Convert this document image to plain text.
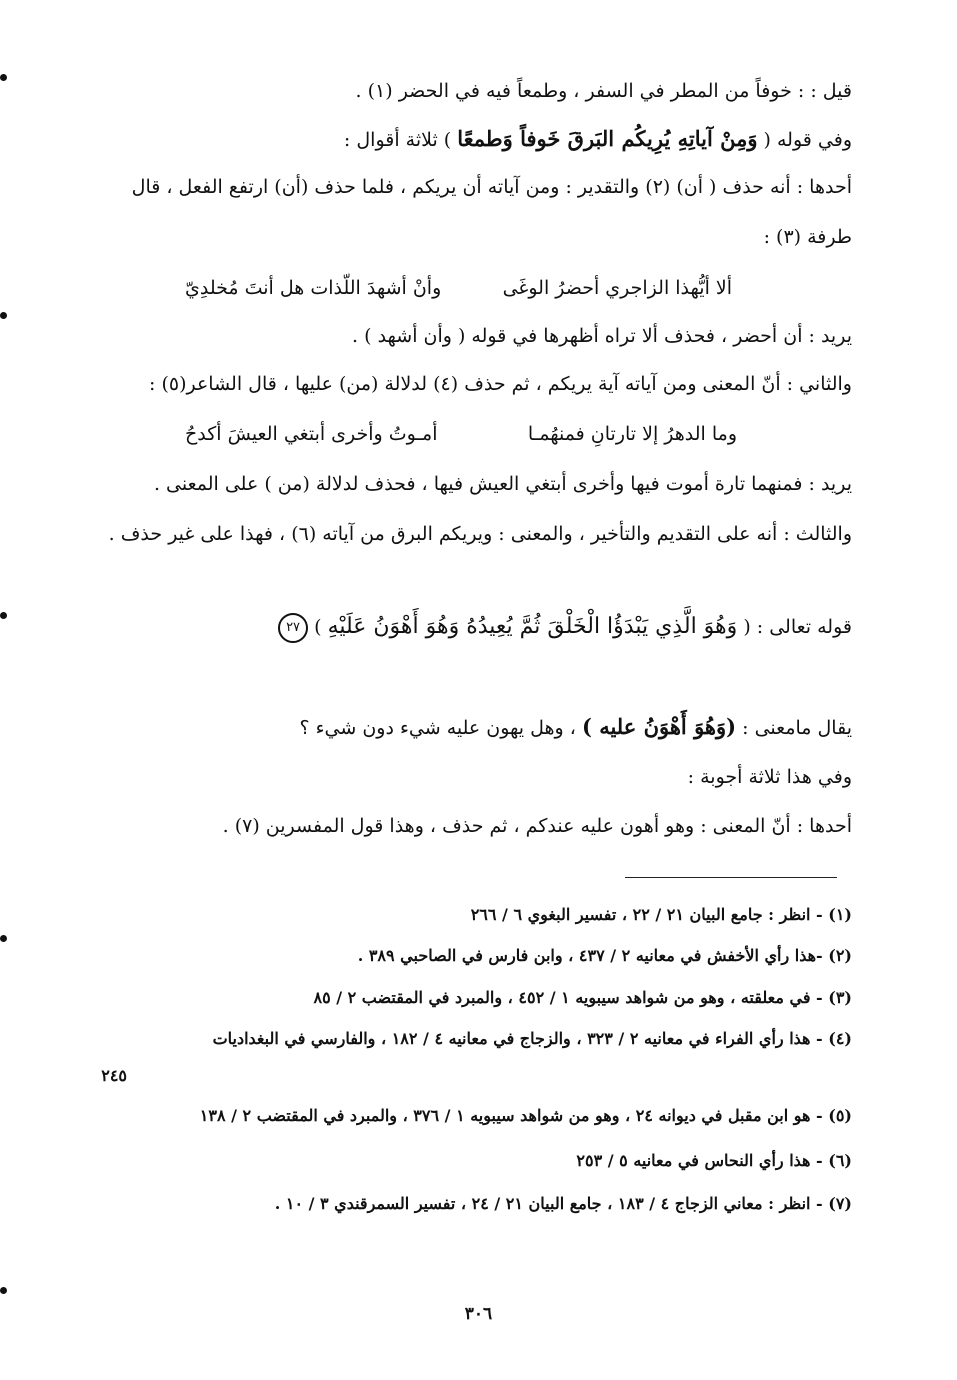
قيل : : خوفاً من المطر في السفر ، وطمعاً فيه في الحضر (١) .
وفي قوله ( وَمِنْ آياتِهِ يُرِيكُم البَرقَ خَوفاً وَطمعًا ) ثلاثة أقوال :
أحدها : أنه حذف ( أن) (٢) والتقدير : ومن آياته أن يريكم ، فلما حذف (أن) ارتفع الفعل ، قال
طرفة (٣) :
ألا أيُّهذا الزاجري أحضرُ الوغَى
وأنْ أشهدَ اللّذات هل أنتَ مُخلدِيّ
يريد : أن أحضر ، فحذف ألا تراه أظهرها في قوله ( وأن أشهد ) .
والثاني : أنّ المعنى ومن آياته آية يريكم ، ثم حذف (٤) لدلالة (من) عليها ، قال الشاعر(٥) :
وما الدهرُ إلا تارتانِ فمنهُمـا
أمـوتُ وأخرى أبتغي العيشَ أكدحُ
يريد : فمنهما تارة أموت فيها وأخرى أبتغي العيش فيها ، فحذف لدلالة (من ) على المعنى .
والثالث : أنه على التقديم والتأخير ، والمعنى : ويريكم البرق من آياته (٦) ، فهذا على غير حذف .
قوله تعالى : ( وَهُوَ الَّذِي يَبْدَؤُا الْخَلْقَ ثُمَّ يُعِيدُهُ وَهُوَ أَهْوَنُ عَلَيْهِ ) ٢٧
يقال مامعنى : (وَهُوَ أَهْوَنُ عليه ) ، وهل يهون عليه شيء دون شيء ؟
وفي هذا ثلاثة أجوبة :
أحدها : أنّ المعنى : وهو أهون عليه عندكم ، ثم حذف ، وهذا قول المفسرين (٧) .
(١) - انظر : جامع البيان ٢١ / ٢٢ ، تفسير البغوي ٦ / ٢٦٦
(٢) -هذا رأي الأخفش في معانيه ٢ / ٤٣٧ ، وابن فارس في الصاحبي ٣٨٩ .
(٣) - في معلقته ، وهو من شواهد سيبويه ١ / ٤٥٢ ، والمبرد في المقتضب ٢ / ٨٥
(٤) - هذا رأي الفراء في معانيه ٢ / ٣٢٣ ، والزجاج في معانيه ٤ / ١٨٢ ، والفارسي في البغداديات
٢٤٥
(٥) - هو ابن مقبل في ديوانه ٢٤ ، وهو من شواهد سيبويه ١ / ٣٧٦ ، والمبرد في المقتضب ٢ / ١٣٨
(٦) - هذا رأي النحاس في معانيه ٥ / ٢٥٣
(٧) - انظر : معاني الزجاج ٤ / ١٨٣ ، جامع البيان ٢١ / ٢٤ ، تفسير السمرقندي ٣ / ١٠ .
٣٠٦
